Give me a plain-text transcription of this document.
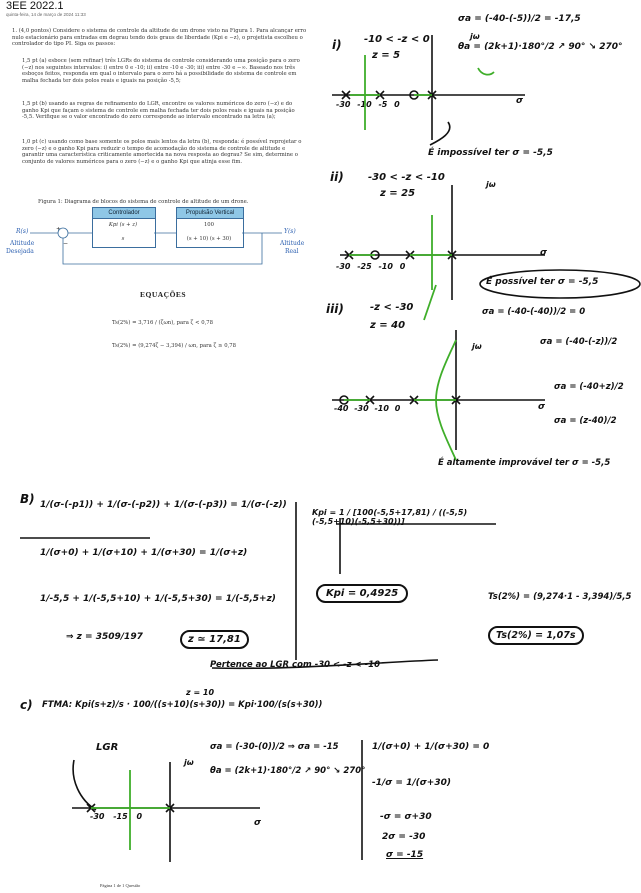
3EE 2022.1
quinta-feira, 14 de março de 2024 11:33
1. (4,0 pontos) Considere o sistema de controle da altitude de um drone visto na Figura 1. Para alcançar erro nulo estacionário para entradas em degrau tendo dois graus de liberdade (Kpi e −z), o projetista escolheu o controlador do tipo PI. Siga os passos:
1,5 pt (a) esboce (sem refinar) três LGRs do sistema de controle considerando uma posição para o zero (−z) nos seguintes intervalos: i) entre 0 e -10; ii) entre -10 e -30; iii) entre -30 e −∞. Baseado nos três esboços feitos, responda em qual o intervalo para o zero há a possibilidade do sistema de controle em malha fechada ter dois polos reais e iguais na posição -5,5;
1,5 pt (b) usando as regras de refinamento do LGR, encontre os valores numéricos do zero (−z) e do ganho Kpi que façam o sistema de controle em malha fechada ter dois polos reais e iguais na posição -5,5. Verifique se o valor encontrado do zero corresponde ao intervalo encontrado na letra (a);
1,0 pt (c) usando como base somente os polos mais lentos da letra (b), responda: é possível reprojetar o zero (−z) e o ganho Kpi para reduzir o tempo de acomodação do sistema de controle de altitude e garantir uma característica criticamente amortecida na nova resposta ao degrau? Se sim, determine o conjunto de valores numéricos para o zero (−z) e o ganho Kpi que atinja esse fim.
Figura 1: Diagrama de blocos do sistema de controle de altitude de um drone.
R(s)
Altitude
Desejada
+
−
Controlador
Kpi (s + z)
s
Propulsão Vertical
100
(s + 10) (s + 30)
Y(s)
Altitude
Real
EQUAÇÕES
Ts(2%) = 3,716 / (ζωn), para ζ < 0,78
Ts(2%) = (9,274ζ − 3,394) / ωn, para ζ ≥ 0,78
i) -10 < -z < 0
z = 5
σa = (-40-(-5))/2 = -17,5
θa = (2k+1)·180°/2 ↗ 90° ↘ 270°
-30 -10 -5 0
É impossível ter σ = -5,5
ii) -30 < -z < -10
z = 25
-30 -25 -10 0
É possível ter σ = -5,5
iii)	-z < -30
z = 40
σa = (-40-(-40))/2 = 0
σa = (-40-(-z))/2
σa = (-40+z)/2
σa = (z-40)/2
-40 -30 -10 0
É altamente improvável ter σ = -5,5
jω
σ
jω
σ
jω
σ
B) 1/(σ-(-p1)) + 1/(σ-(-p2)) + 1/(σ-(-p3)) = 1/(σ-(-z))
1/(σ+0) + 1/(σ+10) + 1/(σ+30) = 1/(σ+z)
1/-5,5 + 1/(-5,5+10) + 1/(-5,5+30) = 1/(-5,5+z)
⇒ z = 3509/197	z ≃ 17,81
Pertence ao LGR com -30 < -z < -10
Kpi = 1 / [100(-5,5+17,81) / ((-5,5)(-5,5+10)(-5,5+30))]
Kpi = 0,4925	Ts(2%) = (9,274·1 - 3,394)/5,5
Ts(2%) = 1,07s
c) FTMA: Kpi(s+z)/s · 100/((s+10)(s+30)) = Kpi·100/(s(s+30))
z = 10
LGR	σa = (-30-(0))/2 ⇒ σa = -15
θa = (2k+1)·180°/2 ↗ 90° ↘ 270°
-30 -15 0
jω
σ
1/(σ+0) + 1/(σ+30) = 0
-1/σ = 1/(σ+30)
-σ = σ+30
2σ = -30
σ = -15
Página 1 de 1 Questão
